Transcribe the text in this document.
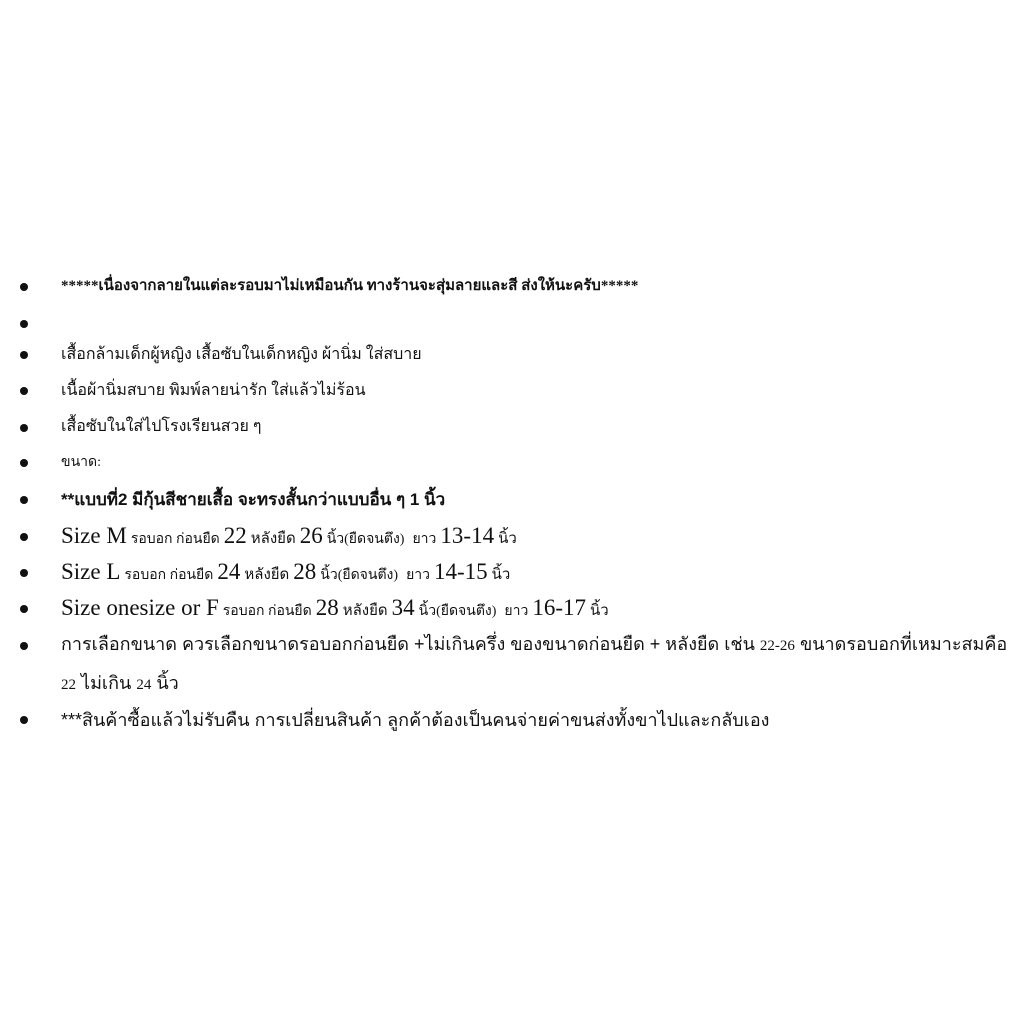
*****เนื่องจากลายในแต่ละรอบมาไม่เหมือนกัน ทางร้านจะสุ่มลายและสี ส่งให้นะครับ*****
เสื้อกล้ามเด็กผู้หญิง เสื้อซับในเด็กหญิง ผ้านิ่ม ใส่สบาย
เนื้อผ้านิ่มสบาย พิมพ์ลายน่ารัก ใส่แล้วไม่ร้อน
เสื้อซับในใส่ไปโรงเรียนสวย ๆ
ขนาด:
**แบบที่2 มีกุ้นสีชายเสื้อ จะทรงสั้นกว่าแบบอื่น ๆ 1 นิ้ว
Size M รอบอก ก่อนยืด 22 หลังยืด 26 นิ้ว(ยืดจนตึง) ยาว 13-14 นิ้ว
Size L รอบอก ก่อนยืด 24 หลังยืด 28 นิ้ว(ยืดจนตึง) ยาว 14-15 นิ้ว
Size onesize or F รอบอก ก่อนยืด 28 หลังยืด 34 นิ้ว(ยืดจนตึง) ยาว 16-17 นิ้ว
การเลือกขนาด ควรเลือกขนาดรอบอกก่อนยืด +ไม่เกินครึ่ง ของขนาดก่อนยืด + หลังยืด เช่น 22-26 ขนาดรอบอกที่เหมาะสมคือ 22 ไม่เกิน 24 นิ้ว
***สินค้าซื้อแล้วไม่รับคืน การเปลี่ยนสินค้า ลูกค้าต้องเป็นคนจ่ายค่าขนส่งทั้งขาไปและกลับเอง
